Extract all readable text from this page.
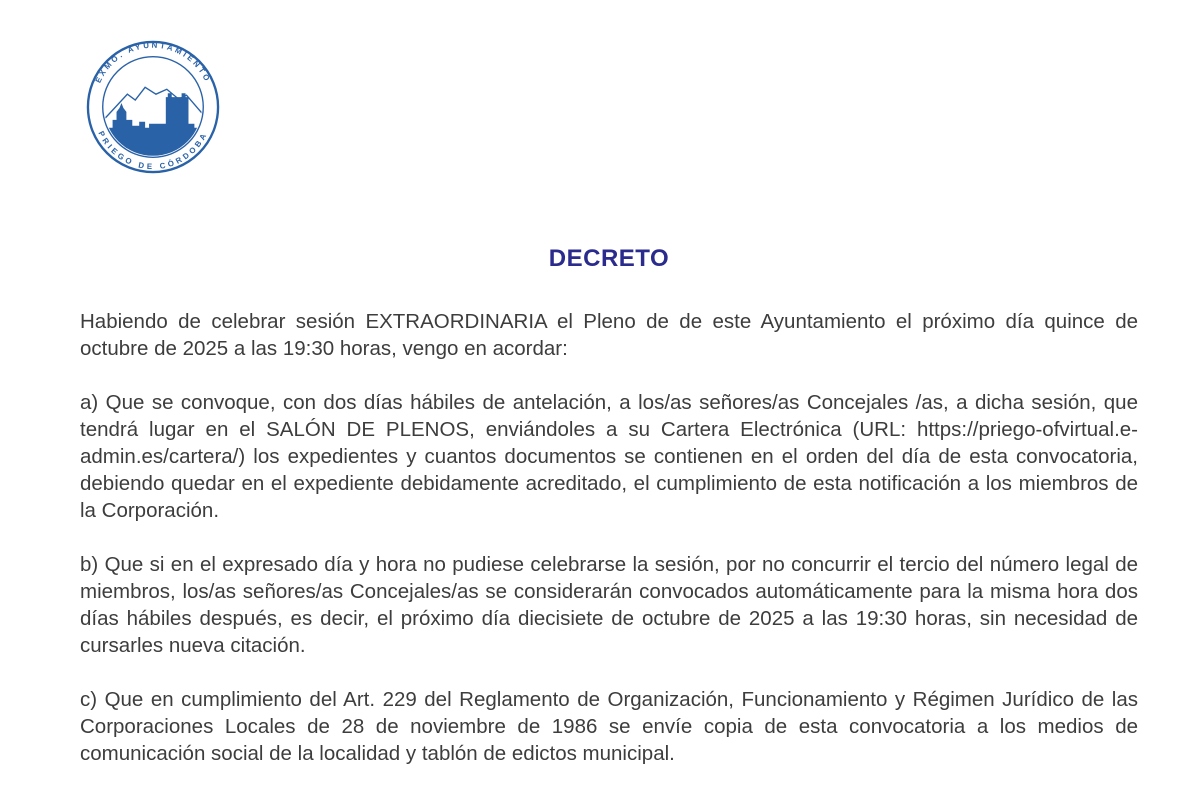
EXMO. AYUNTAMIENTO
PRIEGO DE CÓRDOBA
DECRETO

Habiendo de celebrar sesión EXTRAORDINARIA el Pleno de de este Ayuntamiento el próximo día quince de octubre de 2025 a las 19:30 horas, vengo en acordar:

a) Que se convoque, con dos días hábiles de antelación, a los/as señores/as Concejales /as, a dicha sesión, que tendrá lugar en el SALÓN DE PLENOS, enviándoles a su Cartera Electrónica (URL: https://priego-ofvirtual.e-admin.es/cartera/) los expedientes y cuantos documentos se contienen en el orden del día de esta convocatoria, debiendo quedar en el expediente debidamente acreditado, el cumplimiento de esta notificación a los miembros de la Corporación.

b) Que si en el expresado día y hora no pudiese celebrarse la sesión, por no concurrir el tercio del número legal de miembros, los/as señores/as Concejales/as se considerarán convocados automáticamente para la misma hora dos días hábiles después, es decir, el próximo día diecisiete de octubre de 2025 a las 19:30 horas, sin necesidad de cursarles nueva citación.

c) Que en cumplimiento del Art. 229 del Reglamento de Organización, Funcionamiento y Régimen Jurídico de las Corporaciones Locales de 28 de noviembre de 1986 se envíe copia de esta convocatoria a los medios de comunicación social de la localidad y tablón de edictos municipal.
